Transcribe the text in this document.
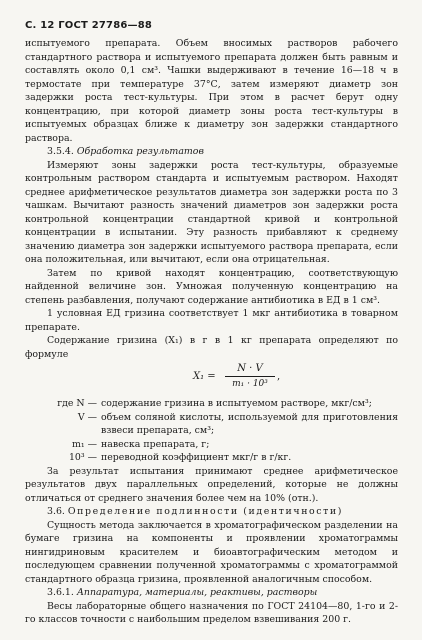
С. 12 ГОСТ 27786—88

испытуемого препарата. Объем вносимых растворов рабочего стандартного раствора и испытуемого препарата должен быть равным и составлять около 0,1 см³. Чашки выдерживают в течение 16—18 ч в термостате при температуре 37°С, затем измеряют диаметр зон задержки роста тест-культуры. При этом в расчет берут одну концентрацию, при которой диаметр зоны роста тест-культуры в испытуемых образцах ближе к диаметру зон задержки стандартного раствора.

3.5.4. Обработка результатов

Измеряют зоны задержки роста тест-культуры, образуемые контрольным раствором стандарта и испытуемым раствором. Находят среднее арифметическое результатов диаметра зон задержки роста по 3 чашкам. Вычитают разность значений диаметров зон задержки роста контрольной концентрации стандартной кривой и контрольной концентрации в испытании. Эту разность прибавляют к среднему значению диаметра зон задержки испытуемого раствора препарата, если она положительная, или вычитают, если она отрицательная.

Затем по кривой находят концентрацию, соответствующую найденной величине зон. Умножая полученную концентрацию на степень разбавления, получают содержание антибиотика в ЕД в 1 см³.

1 условная ЕД гризина соответствует 1 мкг антибиотика в товарном препарате.

Содержание гризина (X₁) в г в 1 кг препарата определяют по формуле

$X_1 = \frac{N \cdot V}{\text{m₁ · 10³}}$ ,
где N — содержание гризина в испытуемом растворе, мкг/см³;
V — объем соляной кислоты, используемой для приготовления взвеси препарата, см³;
m₁ — навеска препарата, г;
10³ — переводной коэффициент мкг/г в г/кг.

За результат испытания принимают среднее арифметическое результатов двух параллельных определений, которые не должны отличаться от среднего значения более чем на 10% (отн.).

3.6. Определение подлинности (идентичности)

Сущность метода заключается в хроматографическом разделении на бумаге гризина на компоненты и проявлении хроматограммы нингидриновым красителем и биоавтографическим методом и последующем сравнении полученной хроматограммы с хроматограммой стандартного образца гризина, проявленной аналогичным способом.

3.6.1. Аппаратура, материалы, реактивы, растворы

Весы лабораторные общего назначения по ГОСТ 24104—80, 1-го и 2-го классов точности с наибольшим пределом взвешивания 200 г.
